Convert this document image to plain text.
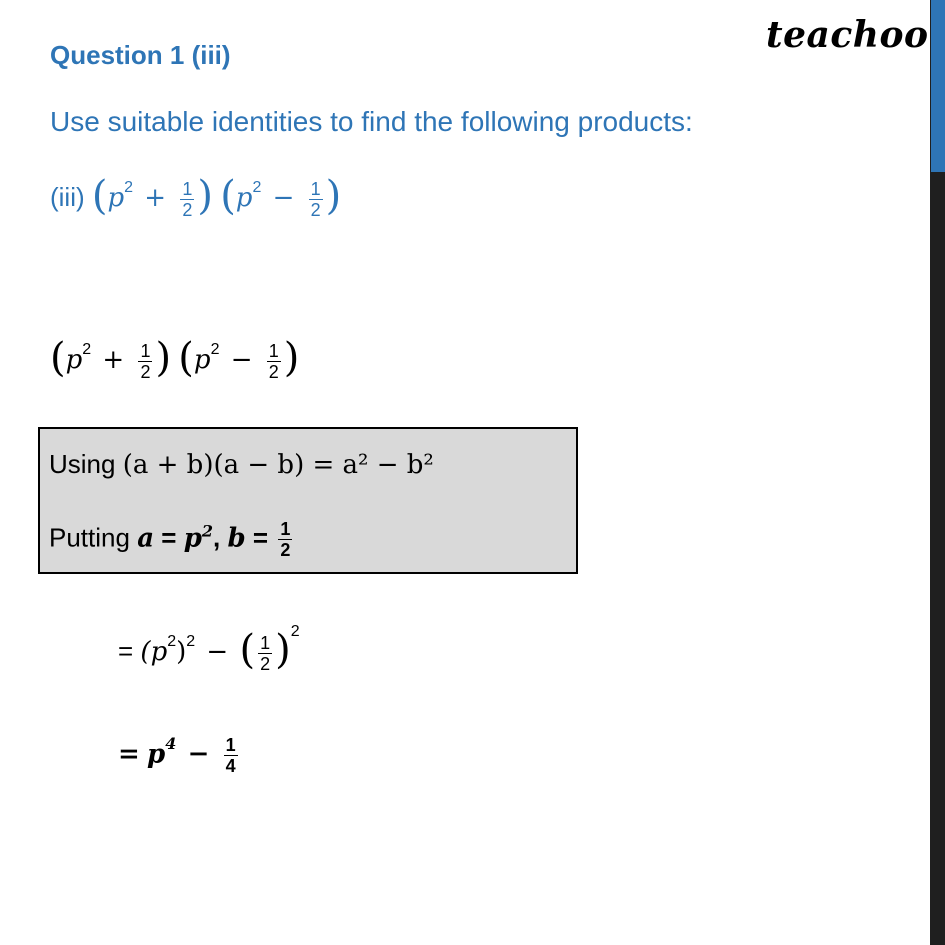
Question 1 (iii)	teachoo
Use suitable identities to find the following products:
(iii) ($p^2 + \frac{1}{2}$ ) ($p^2 - \frac{1}{2}$ )
($p^2 + \frac{1}{2}$ ) ($p^2 - \frac{1}{2}$ )
Using (a + b)(a − b) = a² − b²
Putting $a = p^2$, $b = \frac{1}{2}$
= $(p^2)^2$ − ( $\frac{1}{2} )^2$
= $p^4 - \frac{1}{4}$
